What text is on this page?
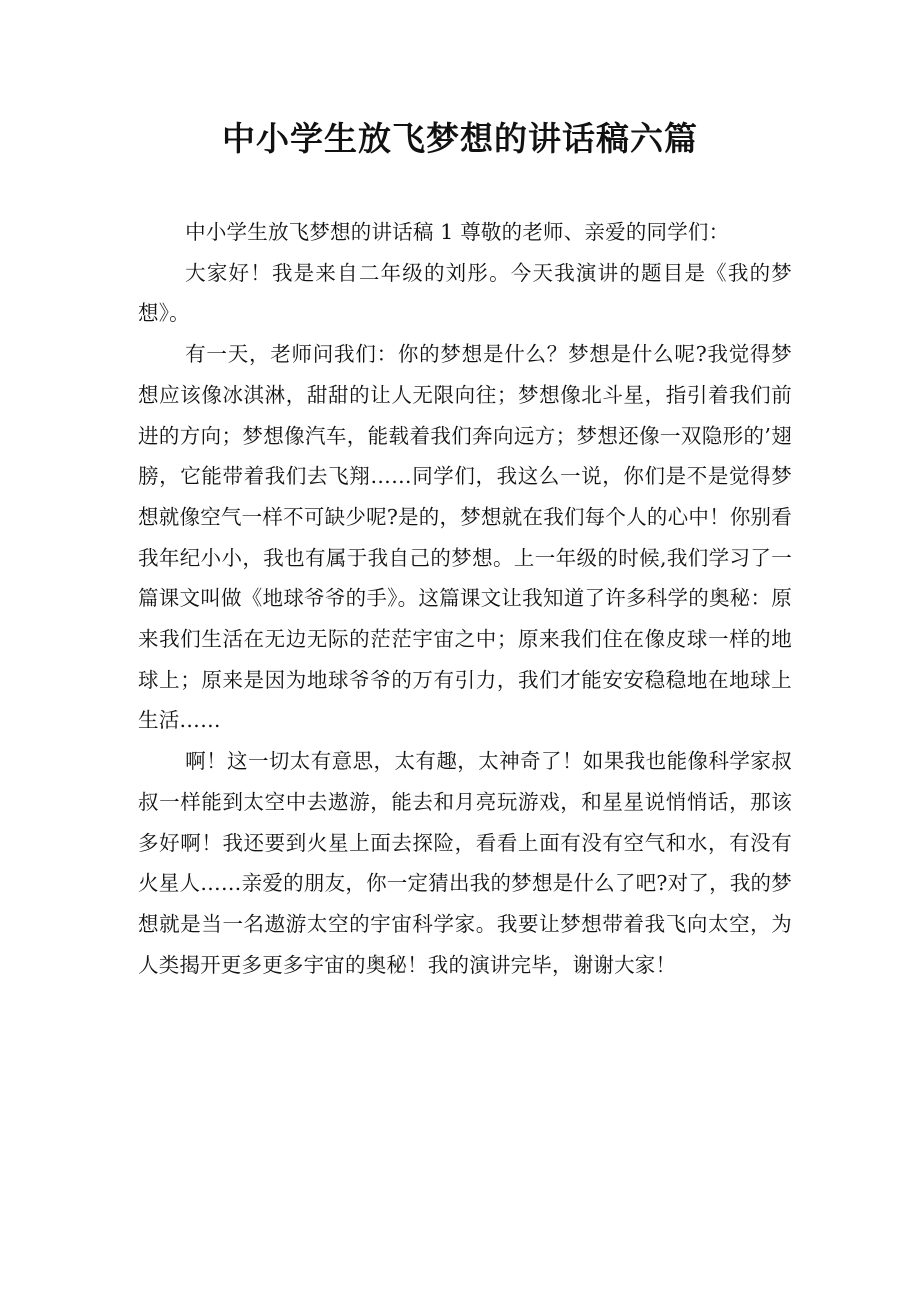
中小学生放飞梦想的讲话稿六篇

中小学生放飞梦想的讲话稿 1 尊敬的老师、亲爱的同学们：

大家好！我是来自二年级的刘彤。今天我演讲的题目是《我的梦想》。

有一天，老师问我们：你的梦想是什么？梦想是什么呢?我觉得梦想应该像冰淇淋，甜甜的让人无限向往；梦想像北斗星，指引着我们前进的方向；梦想像汽车，能载着我们奔向远方；梦想还像一双隐形的’翅膀，它能带着我们去飞翔……同学们，我这么一说，你们是不是觉得梦想就像空气一样不可缺少呢?是的，梦想就在我们每个人的心中！你别看我年纪小小，我也有属于我自己的梦想。上一年级的时候,我们学习了一篇课文叫做《地球爷爷的手》。这篇课文让我知道了许多科学的奥秘：原来我们生活在无边无际的茫茫宇宙之中；原来我们住在像皮球一样的地球上；原来是因为地球爷爷的万有引力，我们才能安安稳稳地在地球上生活……

啊！这一切太有意思，太有趣，太神奇了！如果我也能像科学家叔叔一样能到太空中去遨游，能去和月亮玩游戏，和星星说悄悄话，那该多好啊！我还要到火星上面去探险，看看上面有没有空气和水，有没有火星人……亲爱的朋友，你一定猜出我的梦想是什么了吧?对了，我的梦想就是当一名遨游太空的宇宙科学家。我要让梦想带着我飞向太空，为人类揭开更多更多宇宙的奥秘！我的演讲完毕，谢谢大家！
